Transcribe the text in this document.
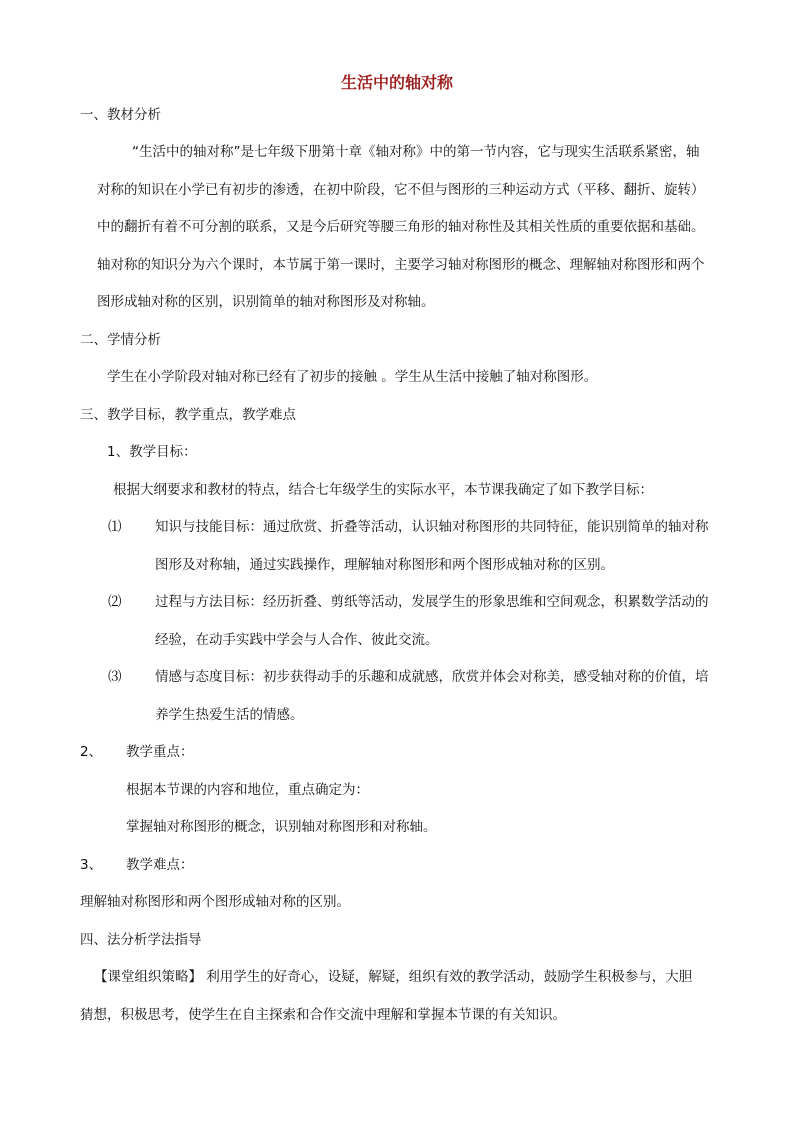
生活中的轴对称
一、教材分析
“生活中的轴对称”是七年级下册第十章《轴对称》中的第一节内容，它与现实生活联系紧密，轴
对称的知识在小学已有初步的渗透，在初中阶段，它不但与图形的三种运动方式（平移、翻折、旋转）
中的翻折有着不可分割的联系，又是今后研究等腰三角形的轴对称性及其相关性质的重要依据和基础。
轴对称的知识分为六个课时，本节属于第一课时，主要学习轴对称图形的概念、理解轴对称图形和两个
图形成轴对称的区别，识别简单的轴对称图形及对称轴。
二、学情分析
学生在小学阶段对轴对称已经有了初步的接触 。学生从生活中接触了轴对称图形。
三、教学目标，教学重点，教学难点
1、教学目标：
根据大纲要求和教材的特点，结合七年级学生的实际水平，本节课我确定了如下教学目标：
⑴ 知识与技能目标：通过欣赏、折叠等活动，认识轴对称图形的共同特征，能识别简单的轴对称
图形及对称轴，通过实践操作，理解轴对称图形和两个图形成轴对称的区别。
⑵ 过程与方法目标：经历折叠、剪纸等活动，发展学生的形象思维和空间观念，积累数学活动的
经验，在动手实践中学会与人合作、彼此交流。
⑶ 情感与态度目标：初步获得动手的乐趣和成就感，欣赏并体会对称美，感受轴对称的价值，培
养学生热爱生活的情感。
2、 教学重点：
根据本节课的内容和地位，重点确定为：
掌握轴对称图形的概念，识别轴对称图形和对称轴。
3、 教学难点：
理解轴对称图形和两个图形成轴对称的区别。
四、法分析学法指导
【课堂组织策略】 利用学生的好奇心，设疑，解疑，组织有效的教学活动，鼓励学生积极参与，大胆
猜想，积极思考，使学生在自主探索和合作交流中理解和掌握本节课的有关知识。
